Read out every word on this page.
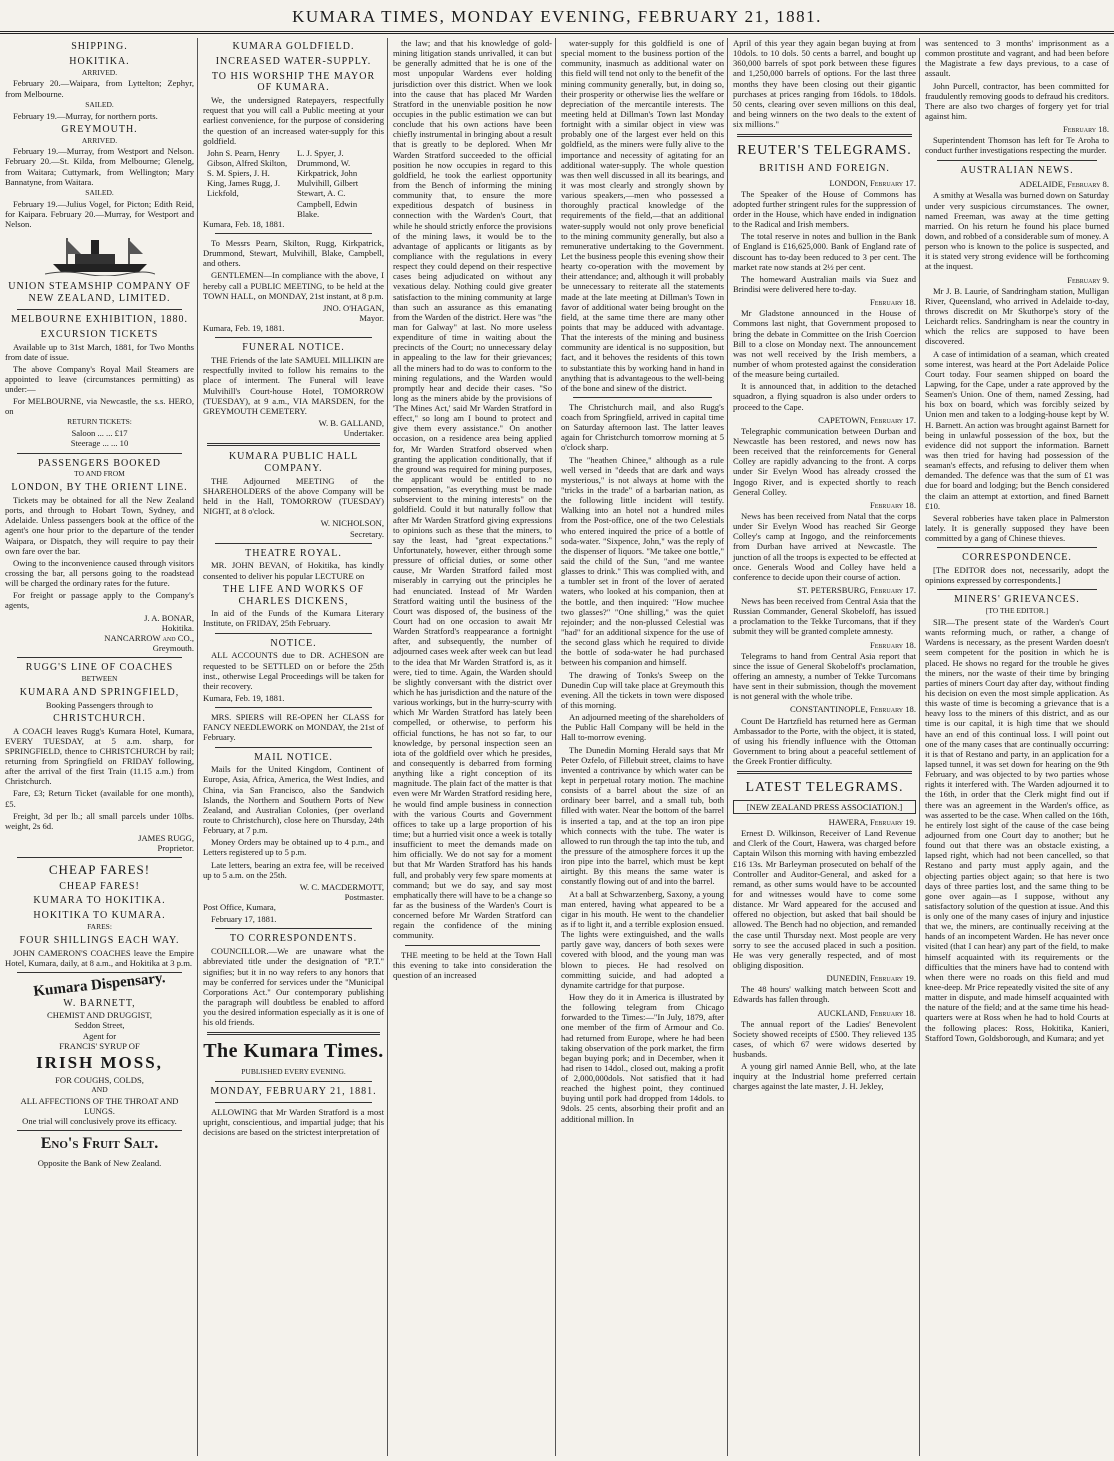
KUMARA TIMES, MONDAY EVENING, FEBRUARY 21, 1881.
SHIPPING.
HOKITIKA.
ARRIVED.

February 20.—Waipara, from Lyttelton; Zephyr, from Melbourne.

SAILED.

February 19.—Murray, for northern ports.

GREYMOUTH.
ARRIVED.

February 19.—Murray, from Westport and Nelson. February 20.—St. Kilda, from Melbourne; Glenelg, from Waitara; Cuttymark, from Wellington; Mary Bannatyne, from Waitara.

SAILED.

February 19.—Julius Vogel, for Picton; Edith Reid, for Kaipara. February 20.—Murray, for Westport and Nelson.

UNION STEAMSHIP COMPANY OF NEW ZEALAND, LIMITED.
MELBOURNE EXHIBITION, 1880.
EXCURSION TICKETS

Available up to 31st March, 1881, for Two Months from date of issue.

The above Company's Royal Mail Steamers are appointed to leave (circumstances permitting) as under:—

For MELBOURNE, via Newcastle, the s.s. HERO, on

RETURN TICKETS:
Saloon ... ... £17
Steerage ... ... 10
PASSENGERS BOOKED
TO AND FROM
LONDON, BY THE ORIENT LINE.

Tickets may be obtained for all the New Zealand ports, and through to Hobart Town, Sydney, and Adelaide. Unless passengers book at the office of the agent's one hour prior to the departure of the tender Waipara, or Dispatch, they will require to pay their own fare over the bar.

Owing to the inconvenience caused through visitors crossing the bar, all persons going to the roadstead will be charged the ordinary rates for the future.

For freight or passage apply to the Company's agents,

J. A. BONAR,
Hokitika.
NANCARROW and CO.,
Greymouth.
RUGG'S LINE OF COACHES
BETWEEN
KUMARA AND SPRINGFIELD,
Booking Passengers through to
CHRISTCHURCH.

A COACH leaves Rugg's Kumara Hotel, Kumara, EVERY TUESDAY, at 5 a.m. sharp, for SPRINGFIELD, thence to CHRISTCHURCH by rail; returning from Springfield on FRIDAY following, after the arrival of the first Train (11.15 a.m.) from Christchurch.

Fare, £3; Return Ticket (available for one month), £5.

Freight, 3d per lb.; all small parcels under 10lbs. weight, 2s 6d.

JAMES RUGG,
Proprietor.
CHEAP FARES!
CHEAP FARES!
KUMARA TO HOKITIKA.
HOKITIKA TO KUMARA.
FARES:
FOUR SHILLINGS EACH WAY.

JOHN CAMERON'S COACHES leave the Empire Hotel, Kumara, daily, at 8 a.m., and Hokitika at 3 p.m.

Kumara Dispensary.
W. BARNETT,
CHEMIST AND DRUGGIST,
Seddon Street,
Agent for
FRANCIS' SYRUP OF
IRISH MOSS,
FOR COUGHS, COLDS,
AND
ALL AFFECTIONS OF THE THROAT AND LUNGS.
One trial will conclusively prove its efficacy.
Eno's Fruit Salt.
Opposite the Bank of New Zealand.
KUMARA GOLDFIELD.
INCREASED WATER-SUPPLY.
TO HIS WORSHIP THE MAYOR OF KUMARA.

We, the undersigned Ratepayers, respectfully request that you will call a Public meeting at your earliest convenience, for the purpose of considering the question of an increased water-supply for this goldfield.

John S. Pearn, Henry Gibson, Alfred Skilton, S. M. Spiers, J. H. King, James Rugg, J. Lickfold,
L. J. Spyer, J. Drummond, W. Kirkpatrick, John Mulvihill, Gilbert Stewart, A. C. Campbell, Edwin Blake.

Kumara, Feb. 18, 1881.

To Messrs Pearn, Skilton, Rugg, Kirkpatrick, Drummond, Stewart, Mulvihill, Blake, Campbell, and others.

GENTLEMEN—In compliance with the above, I hereby call a PUBLIC MEETING, to be held at the TOWN HALL, on MONDAY, 21st instant, at 8 p.m.

JNO. O'HAGAN,
Mayor.

Kumara, Feb. 19, 1881.

FUNERAL NOTICE.

THE Friends of the late SAMUEL MILLIKIN are respectfully invited to follow his remains to the place of interment. The Funeral will leave Mulvihill's Court-house Hotel, TOMORROW (TUESDAY), at 9 a.m., VIA MARSDEN, for the GREYMOUTH CEMETERY.

W. B. GALLAND,
Undertaker.
KUMARA PUBLIC HALL COMPANY.

THE Adjourned MEETING of the SHAREHOLDERS of the above Company will be held in the Hall, TOMORROW (TUESDAY) NIGHT, at 8 o'clock.

W. NICHOLSON,
Secretary.
THEATRE ROYAL.

MR. JOHN BEVAN, of Hokitika, has kindly consented to deliver his popular LECTURE on

THE LIFE AND WORKS OF CHARLES DICKENS,

In aid of the Funds of the Kumara Literary Institute, on FRIDAY, 25th February.

NOTICE.

ALL ACCOUNTS due to DR. ACHESON are requested to be SETTLED on or before the 25th inst., otherwise Legal Proceedings will be taken for their recovery.

Kumara, Feb. 19, 1881.

MRS. SPIERS will RE-OPEN her CLASS for FANCY NEEDLEWORK on MONDAY, the 21st of February.

MAIL NOTICE.

Mails for the United Kingdom, Continent of Europe, Asia, Africa, America, the West Indies, and China, via San Francisco, also the Sandwich Islands, the Northern and Southern Ports of New Zealand, and Australian Colonies, (per overland route to Christchurch), close here on Thursday, 24th February, at 7 p.m.

Money Orders may be obtained up to 4 p.m., and Letters registered up to 5 p.m.

Late letters, bearing an extra fee, will be received up to 5 a.m. on the 25th.

W. C. MACDERMOTT,
Postmaster.

Post Office, Kumara,

February 17, 1881.

TO CORRESPONDENTS.

COUNCILLOR.—We are unaware what the abbreviated title under the designation of "P.T." signifies; but it in no way refers to any honors that may be conferred for services under the "Municipal Corporations Act." Our contemporary publishing the paragraph will doubtless be enabled to afford you the desired information especially as it is one of his old friends.

The Kumara Times.
PUBLISHED EVERY EVENING.
MONDAY, FEBRUARY 21, 1881.

ALLOWING that Mr Warden Stratford is a most upright, conscientious, and impartial judge; that his decisions are based on the strictest interpretation of

the law; and that his knowledge of gold-mining litigation stands unrivalled, it can but be generally admitted that he is one of the most unpopular Wardens ever holding jurisdiction over this district. When we look into the cause that has placed Mr Warden Stratford in the unenviable position he now occupies in the public estimation we can but conclude that his own actions have been chiefly instrumental in bringing about a result that is greatly to be deplored. When Mr Warden Stratford succeeded to the official position he now occupies in regard to this goldfield, he took the earliest opportunity from the Bench of informing the mining community that, to ensure the more expeditious despatch of business in connection with the Warden's Court, that while he should strictly enforce the provisions of the mining laws, it would be to the advantage of applicants or litigants as by compliance with the regulations in every respect they could depend on their respective cases being adjudicated on without any vexatious delay. Nothing could give greater satisfaction to the mining community at large than such an assurance as this emanating from the Warden of the district. Here was "the man for Galway" at last. No more useless expenditure of time in waiting about the precincts of the Court; no unnecessary delay in appealing to the law for their grievances; all the miners had to do was to conform to the mining regulations, and the Warden would promptly hear and decide their cases. "So long as the miners abide by the provisions of 'The Mines Act,' said Mr Warden Stratford in effect," so long am I bound to protect and give them every assistance." On another occasion, on a residence area being applied for, Mr Warden Stratford observed when granting the application conditionally, that if the ground was required for mining purposes, the applicant would be entitled to no compensation, "as everything must be made subservient to the mining interests" on the goldfield. Could it but naturally follow that after Mr Warden Stratford giving expressions to opinions such as these that the miners, to say the least, had "great expectations." Unfortunately, however, either through some pressure of official duties, or some other cause, Mr Warden Stratford failed most miserably in carrying out the principles he had enunciated. Instead of Mr Warden Stratford waiting until the business of the Court was disposed of, the business of the Court had on one occasion to await Mr Warden Stratford's reappearance a fortnight after, and subsequently, the number of adjourned cases week after week can but lead to the idea that Mr Warden Stratford is, as it were, tied to time. Again, the Warden should be slightly conversant with the district over which he has jurisdiction and the nature of the various workings, but in the hurry-scurry with which Mr Warden Stratford has lately been compelled, or otherwise, to perform his official functions, he has not so far, to our knowledge, by personal inspection seen an iota of the goldfield over which he presides, and consequently is debarred from forming anything like a right conception of its magnitude. The plain fact of the matter is that even were Mr Warden Stratford residing here, he would find ample business in connection with the various Courts and Government offices to take up a large proportion of his time; but a hurried visit once a week is totally insufficient to meet the demands made on him officially. We do not say for a moment but that Mr Warden Stratford has his hands full, and probably very few spare moments at command; but we do say, and say most emphatically there will have to be a change so far as the business of the Warden's Court is concerned before Mr Warden Stratford can regain the confidence of the mining community.

THE meeting to be held at the Town Hall this evening to take into consideration the question of an increased

water-supply for this goldfield is one of special moment to the business portion of the community, inasmuch as additional water on this field will tend not only to the benefit of the mining community generally, but, in doing so, their prosperity or otherwise lies the welfare or depreciation of the mercantile interests. The meeting held at Dillman's Town last Monday fortnight with a similar object in view was probably one of the largest ever held on this goldfield, as the miners were fully alive to the importance and necessity of agitating for an additional water-supply. The whole question was then well discussed in all its bearings, and it was most clearly and strongly shown by various speakers,—men who possessed a thoroughly practical knowledge of the requirements of the field,—that an additional water-supply would not only prove beneficial to the mining community generally, but also a remunerative undertaking to the Government. Let the business people this evening show their hearty co-operation with the movement by their attendance; and, although it will probably be unnecessary to reiterate all the statements made at the late meeting at Dillman's Town in favor of additional water being brought on the field, at the same time there are many other points that may be adduced with advantage. That the interests of the mining and business community are identical is no supposition, but fact, and it behoves the residents of this town to substantiate this by working hand in hand in anything that is advantageous to the well-being of the bone and sinew of the district.

The Christchurch mail, and also Rugg's coach from Springfield, arrived in capital time on Saturday afternoon last. The latter leaves again for Christchurch tomorrow morning at 5 o'clock sharp.

The "heathen Chinee," although as a rule well versed in "deeds that are dark and ways mysterious," is not always at home with the "tricks in the trade" of a barbarian nation, as the following little incident will testify. Walking into an hotel not a hundred miles from the Post-office, one of the two Celestials who entered inquired the price of a bottle of soda-water. "Sixpence, John," was the reply of the dispenser of liquors. "Me takee one bottle," said the child of the Sun, "and me wantee glasses to drink." This was complied with, and a tumbler set in front of the lover of aerated waters, who looked at his companion, then at the bottle, and then inquired: "How muchee two glasses?" "One shilling," was the quiet rejoinder; and the non-plussed Celestial was "had" for an additional sixpence for the use of the second glass which he required to divide the bottle of soda-water he had purchased between his companion and himself.

The drawing of Tonks's Sweep on the Dunedin Cup will take place at Greymouth this evening. All the tickets in town were disposed of this morning.

An adjourned meeting of the shareholders of the Public Hall Company will be held in the Hall to-morrow evening.

The Dunedin Morning Herald says that Mr Peter Ozfelo, of Fillebuit street, claims to have invented a contrivance by which water can be kept in perpetual rotary motion. The machine consists of a barrel about the size of an ordinary beer barrel, and a small tub, both filled with water. Near the bottom of the barrel is inserted a tap, and at the top an iron pipe which connects with the tube. The water is allowed to run through the tap into the tub, and the pressure of the atmosphere forces it up the iron pipe into the barrel, which must be kept airtight. By this means the same water is constantly flowing out of and into the barrel.

At a ball at Schwarzenberg, Saxony, a young man entered, having what appeared to be a cigar in his mouth. He went to the chandelier as if to light it, and a terrible explosion ensued. The lights were extinguished, and the walls partly gave way, dancers of both sexes were covered with blood, and the young man was blown to pieces. He had resolved on committing suicide, and had adopted a dynamite cartridge for that purpose.

How they do it in America is illustrated by the following telegram from Chicago forwarded to the Times:—"In July, 1879, after one member of the firm of Armour and Co. had returned from Europe, where he had been taking observation of the pork market, the firm began buying pork; and in December, when it had risen to 14dol., closed out, making a profit of 2,000,000dols. Not satisfied that it had reached the highest point, they continued buying until pork had dropped from 14dols. to 9dols. 25 cents, absorbing their profit and an additional million. In

April of this year they again began buying at from 10dols. to 10 dols. 50 cents a barrel, and bought up 360,000 barrels of spot pork between these figures and 1,250,000 barrels of options. For the last three months they have been closing out their gigantic purchases at prices ranging from 16dols. to 18dols. 50 cents, clearing over seven millions on this deal, and being winners on the two deals to the extent of six millions."

REUTER'S TELEGRAMS.
BRITISH AND FOREIGN.
LONDON, February 17.

The Speaker of the House of Commons has adopted further stringent rules for the suppression of order in the House, which have ended in indignation to the Radical and Irish members.

The total reserve in notes and bullion in the Bank of England is £16,625,000. Bank of England rate of discount has to-day been reduced to 3 per cent. The market rate now stands at 2½ per cent.

The homeward Australian mails via Suez and Brindisi were delivered here to-day.

February 18.

Mr Gladstone announced in the House of Commons last night, that Government proposed to bring the debate in Committee on the Irish Coercion Bill to a close on Monday next. The announcement was not well received by the Irish members, a number of whom protested against the consideration of the measure being curtailed.

It is announced that, in addition to the detached squadron, a flying squadron is also under orders to proceed to the Cape.

CAPETOWN, February 17.

Telegraphic communication between Durban and Newcastle has been restored, and news now has been received that the reinforcements for General Colley are rapidly advancing to the front. A corps under Sir Evelyn Wood has already crossed the Ingogo River, and is expected shortly to reach General Colley.

February 18.

News has been received from Natal that the corps under Sir Evelyn Wood has reached Sir George Colley's camp at Ingogo, and the reinforcements from Durban have arrived at Newcastle. The junction of all the troops is expected to be effected at once. Generals Wood and Colley have held a conference to decide upon their course of action.

ST. PETERSBURG, February 17.

News has been received from Central Asia that the Russian Commander, General Skobeloff, has issued a proclamation to the Tekke Turcomans, that if they submit they will be granted complete amnesty.

February 18.

Telegrams to hand from Central Asia report that since the issue of General Skobeloff's proclamation, offering an amnesty, a number of Tekke Turcomans have sent in their submission, though the movement is not general with the whole tribe.

CONSTANTINOPLE, February 18.

Count De Hartzfield has returned here as German Ambassador to the Porte, with the object, it is stated, of using his friendly influence with the Ottoman Government to bring about a peaceful settlement of the Greek Frontier difficulty.

LATEST TELEGRAMS.
[NEW ZEALAND PRESS ASSOCIATION.]
HAWERA, February 19.

Ernest D. Wilkinson, Receiver of Land Revenue and Clerk of the Court, Hawera, was charged before Captain Wilson this morning with having embezzled £16 13s. Mr Barleyman prosecuted on behalf of the Controller and Auditor-General, and asked for a remand, as other sums would have to be accounted for and witnesses would have to come some distance. Mr Ward appeared for the accused and offered no objection, but asked that bail should be allowed. The Bench had no objection, and remanded the case until Thursday next. Most people are very sorry to see the accused placed in such a position. He was very generally respected, and of most obliging disposition.

DUNEDIN, February 19.

The 48 hours' walking match between Scott and Edwards has fallen through.

AUCKLAND, February 18.

The annual report of the Ladies' Benevolent Society showed receipts of £500. They relieved 135 cases, of which 67 were widows deserted by husbands.

A young girl named Annie Bell, who, at the late inquiry at the Industrial home preferred certain charges against the late master, J. H. Jekley,

was sentenced to 3 months' imprisonment as a common prostitute and vagrant, and had been before the Magistrate a few days previous, to a case of assault.

John Purcell, contractor, has been committed for fraudulently removing goods to defraud his creditors. There are also two charges of forgery yet for trial against him.

February 18.

Superintendent Thomson has left for Te Aroha to conduct further investigations respecting the murder.

AUSTRALIAN NEWS.
ADELAIDE, February 8.

A smithy at Wesalla was burned down on Saturday under very suspicious circumstances. The owner, named Freeman, was away at the time getting married. On his return he found his place burned down, and robbed of a considerable sum of money. A person who is known to the police is suspected, and it is stated very strong evidence will be forthcoming at the inquest.

February 9.

Mr J. B. Laurie, of Sandringham station, Mulligan River, Queensland, who arrived in Adelaide to-day, throws discredit on Mr Skuthorpe's story of the Leichardt relics. Sandringham is near the country in which the relics are supposed to have been discovered.

A case of intimidation of a seaman, which created some interest, was heard at the Port Adelaide Police Court today. Four seamen shipped on board the Lapwing, for the Cape, under a rate approved by the Seamen's Union. One of them, named Zessing, had his box on board, which was forcibly seized by Union men and taken to a lodging-house kept by W. H. Barnett. An action was brought against Barnett for being in unlawful possession of the box, but the evidence did not support the information. Barnett was then tried for having had possession of the seaman's effects, and refusing to deliver them when demanded. The defence was that the sum of £1 was due for board and lodging; but the Bench considered the claim an attempt at extortion, and fined Barnett £10.

Several robberies have taken place in Palmerston lately. It is generally supposed they have been committed by a gang of Chinese thieves.

CORRESPONDENCE.

[The EDITOR does not, necessarily, adopt the opinions expressed by correspondents.]

MINERS' GRIEVANCES.
[TO THE EDITOR.]

SIR—The present state of the Warden's Court wants reforming much, or rather, a change of Wardens is necessary, as the present Warden doesn't seem competent for the position in which he is placed. He shows no regard for the trouble he gives the miners, nor the waste of their time by bringing parties of miners Court day after day, without finding his decision on even the most simple application. As this waste of time is becoming a grievance that is a heavy loss to the miners of this district, and as our time is our capital, it is high time that we should have an end of this continual loss. I will point out one of the many cases that are continually occurring: it is that of Restano and party, in an application for a lapsed tunnel, it was set down for hearing on the 9th February, and was objected to by two parties whose rights it interfered with. The Warden adjourned it to the 16th, in order that the Clerk might find out if there was an agreement in the Warden's office, as was asserted to be the case. When called on the 16th, he entirely lost sight of the cause of the case being adjourned from one Court day to another; but he found out that there was an obstacle existing, a lapsed right, which had not been cancelled, so that Restano and party must apply again, and the objecting parties object again; so that here is two days of three parties lost, and the same thing to be gone over again—as I suppose, without any satisfactory solution of the question at issue. And this is only one of the many cases of injury and injustice that we, the miners, are continually receiving at the hands of an incompetent Warden. He has never once visited (that I can hear) any part of the field, to make himself acquainted with its requirements or the difficulties that the miners have had to contend with when there were no roads on this field and mud knee-deep. Mr Price repeatedly visited the site of any matter in dispute, and made himself acquainted with the nature of the field; and at the same time his head-quarters were at Ross when he had to hold Courts at the following places: Ross, Hokitika, Kanieri, Stafford Town, Goldsborough, and Kumara; and yet
